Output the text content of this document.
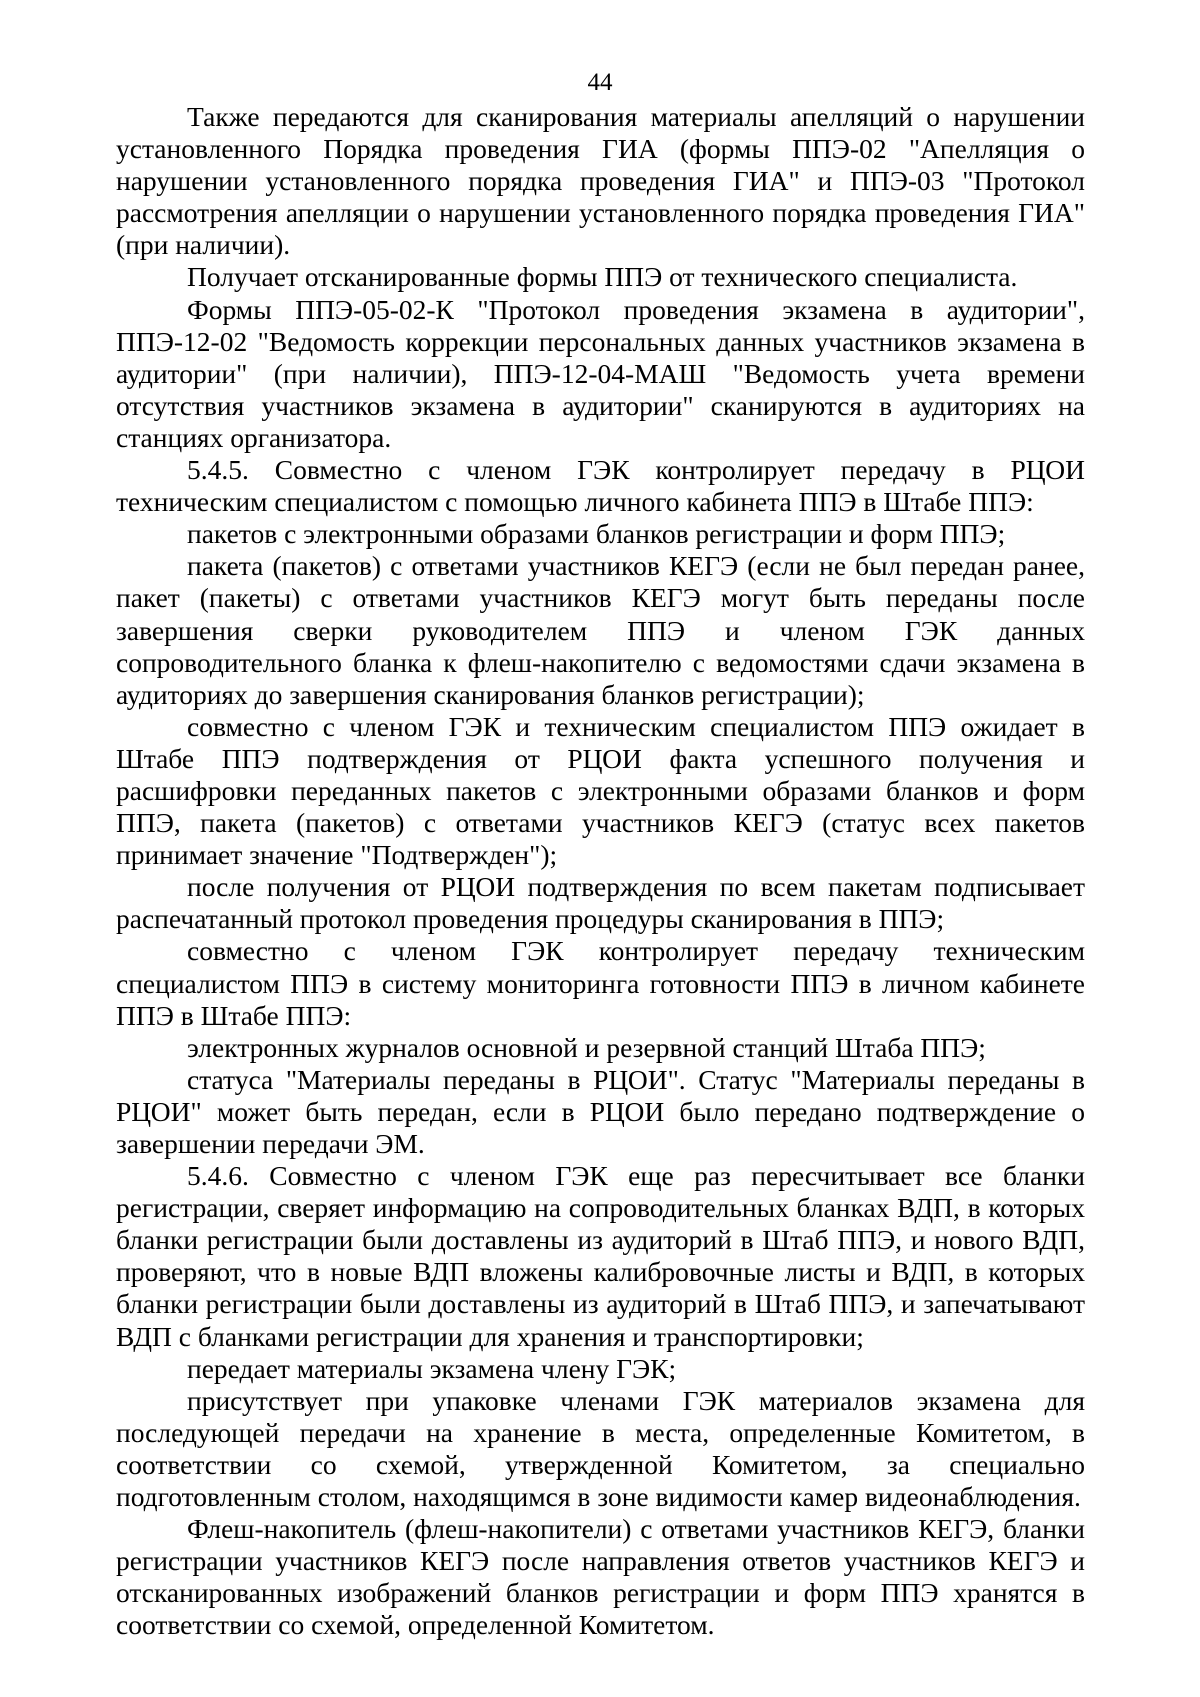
44

Также передаются для сканирования материалы апелляций о нарушении установленного Порядка проведения ГИА (формы ППЭ-02 "Апелляция о нарушении установленного порядка проведения ГИА" и ППЭ-03 "Протокол рассмотрения апелляции о нарушении установленного порядка проведения ГИА" (при наличии).

Получает отсканированные формы ППЭ от технического специалиста.

Формы ППЭ-05-02-К "Протокол проведения экзамена в аудитории", ППЭ-12-02 "Ведомость коррекции персональных данных участников экзамена в аудитории" (при наличии), ППЭ-12-04-МАШ "Ведомость учета времени отсутствия участников экзамена в аудитории" сканируются в аудиториях на станциях организатора.

5.4.5. Совместно с членом ГЭК контролирует передачу в РЦОИ техническим специалистом с помощью личного кабинета ППЭ в Штабе ППЭ:

пакетов с электронными образами бланков регистрации и форм ППЭ;

пакета (пакетов) с ответами участников КЕГЭ (если не был передан ранее, пакет (пакеты) с ответами участников КЕГЭ могут быть переданы после завершения сверки руководителем ППЭ и членом ГЭК данных сопроводительного бланка к флеш-накопителю с ведомостями сдачи экзамена в аудиториях до завершения сканирования бланков регистрации);

совместно с членом ГЭК и техническим специалистом ППЭ ожидает в Штабе ППЭ подтверждения от РЦОИ факта успешного получения и расшифровки переданных пакетов с электронными образами бланков и форм ППЭ, пакета (пакетов) с ответами участников КЕГЭ (статус всех пакетов принимает значение "Подтвержден");

после получения от РЦОИ подтверждения по всем пакетам подписывает распечатанный протокол проведения процедуры сканирования в ППЭ;

совместно с членом ГЭК контролирует передачу техническим специалистом ППЭ в систему мониторинга готовности ППЭ в личном кабинете ППЭ в Штабе ППЭ:

электронных журналов основной и резервной станций Штаба ППЭ;

статуса "Материалы переданы в РЦОИ". Статус "Материалы переданы в РЦОИ" может быть передан, если в РЦОИ было передано подтверждение о завершении передачи ЭМ.

5.4.6. Совместно с членом ГЭК еще раз пересчитывает все бланки регистрации, сверяет информацию на сопроводительных бланках ВДП, в которых бланки регистрации были доставлены из аудиторий в Штаб ППЭ, и нового ВДП, проверяют, что в новые ВДП вложены калибровочные листы и ВДП, в которых бланки регистрации были доставлены из аудиторий в Штаб ППЭ, и запечатывают ВДП с бланками регистрации для хранения и транспортировки;

передает материалы экзамена члену ГЭК;

присутствует при упаковке членами ГЭК материалов экзамена для последующей передачи на хранение в места, определенные Комитетом, в соответствии со схемой, утвержденной Комитетом, за специально подготовленным столом, находящимся в зоне видимости камер видеонаблюдения.

Флеш-накопитель (флеш-накопители) с ответами участников КЕГЭ, бланки регистрации участников КЕГЭ после направления ответов участников КЕГЭ и отсканированных изображений бланков регистрации и форм ППЭ хранятся в соответствии со схемой, определенной Комитетом.
